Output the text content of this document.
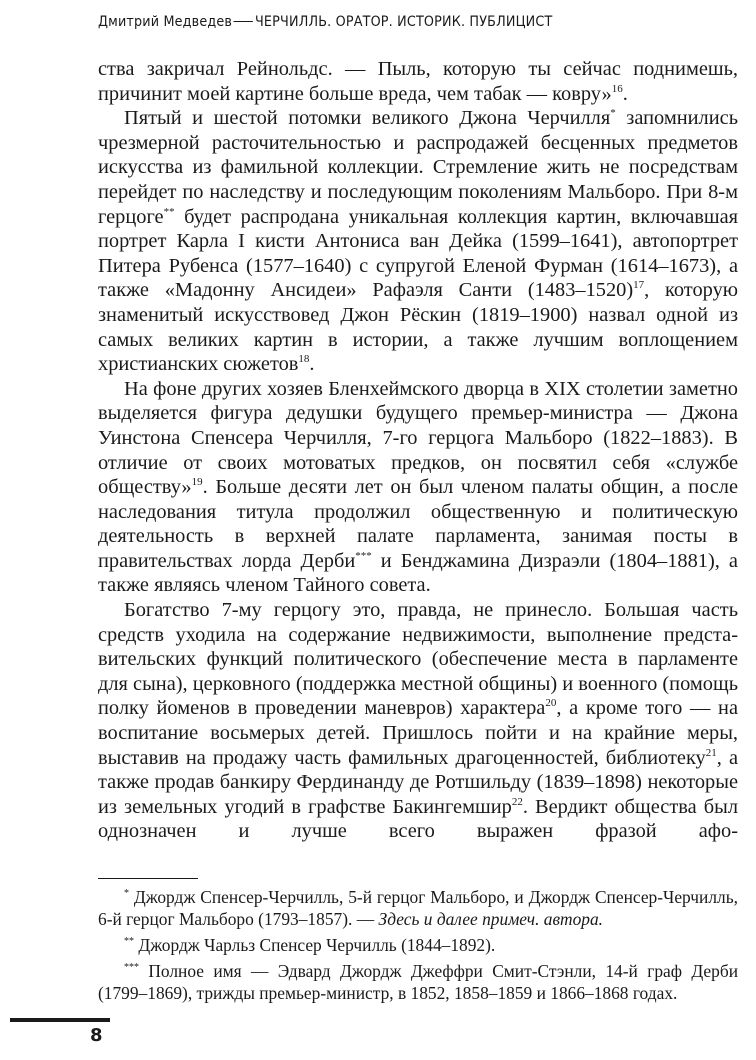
Дмитрий Медведев ЧЕРЧИЛЛЬ. ОРАТОР. ИСТОРИК. ПУБЛИЦИСТ

ства закричал Рейнольдс. — Пыль, которую ты сейчас поднимешь, причинит моей картине больше вреда, чем табак — ковру»$^{16}$.

Пятый и шестой потомки великого Джона Черчилля* запомнились чрезмерной расточительностью и распродажей бесценных предметов искусства из фамильной коллекции. Стремление жить не посредствам перейдет по наследству и последующим поколениям Мальборо. При 8-м герцоге** будет распродана уникальная коллекция картин, включавшая портрет Карла I кисти Антониса ван Дейка (1599–1641), автопортрет Питера Рубенса (1577–1640) с супругой Еленой Фурман (1614–1673), а также «Мадонну Ансидеи» Рафаэля Санти (1483–1520)$^{17}$, которую знаменитый искусствовед Джон Рёскин (1819–1900) назвал одной из самых великих картин в истории, а также лучшим воплощением христианских сюжетов$^{18}$.

На фоне других хозяев Бленхеймского дворца в XIX столетии заметно выделяется фигура дедушки будущего премьер-министра — Джона Уинстона Спенсера Черчилля, 7-го герцога Мальборо (1822–1883). В отличие от своих мотоватых предков, он посвятил себя «службе обществу»$^{19}$. Больше десяти лет он был членом палаты общин, а после наследования титула продолжил общественную и политическую деятельность в верхней палате парламента, занимая посты в правительствах лорда Дерби*** и Бенджамина Дизраэли (1804–1881), а также являясь членом Тайного совета.

Богатство 7-му герцогу это, правда, не принесло. Большая часть средств уходила на содержание недвижимости, выполнение представительских функций политического (обеспечение места в парламенте для сына), церковного (поддержка местной общины) и военного (помощь полку йоменов в проведении маневров) характера$^{20}$, а кроме того — на воспитание восьмерых детей. Пришлось пойти и на крайние меры, выставив на продажу часть фамильных драгоценностей, библиотеку$^{21}$, а также продав банкиру Фердинанду де Ротшильду (1839–1898) некоторые из земельных угодий в графстве Бакингемшир$^{22}$. Вердикт общества был однозначен и лучше всего выражен фразой афо-

* Джордж Спенсер-Черчилль, 5-й герцог Мальборо, и Джордж Спенсер-Черчилль, 6-й герцог Мальборо (1793–1857). — Здесь и далее примеч. автора.

** Джордж Чарльз Спенсер Черчилль (1844–1892).

*** Полное имя — Эдвард Джордж Джеффри Смит-Стэнли, 14-й граф Дерби (1799–1869), трижды премьер-министр, в 1852, 1858–1859 и 1866–1868 годах.

8
